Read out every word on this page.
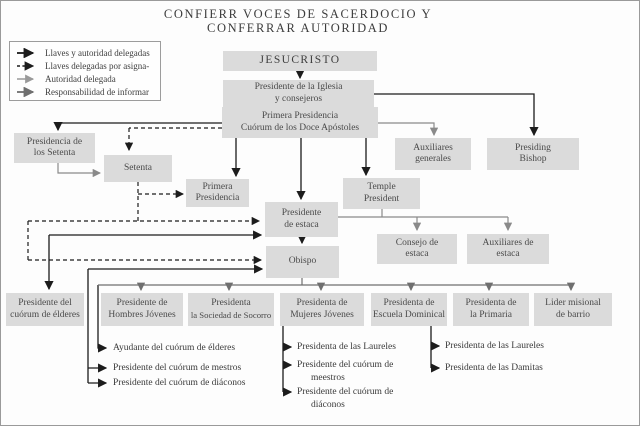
CONFIERR VOCES DE SACERDOCIO Y
CONFERRAR AUTORIDAD
Llaves y autoridad delegadas
Llaves delegadas por asigna-
Autoridad delegada
Responsabilidad de informar
JESUCRISTO
Presidente de la Iglesia
y consejeros
Primera Presidencia
Cuórum de los Doce Apóstoles
Presidencia de
los Setenta
Setenta
Primera
Presidencia
Presidente
de estaca
Obispo
Auxiliares
generales
Presiding
Bishop
Temple
President
Consejo de
estaca
Auxiliares de
estaca
Presidente del
cuórum de élderes
Presidente de
Hombres Jóvenes
Presidenta
la Sociedad de Socorro
Presidenta de
Mujeres Jóvenes
Presidenta de
Escuela Dominical
Presidenta de
la Primaria
Lider misional
de barrio
Ayudante del cuórum de élderes
Presidente del cuórum de mestros
Presidente del cuórum de diáconos
Presidenta de las Laureles
Presidente del cuórum de
meestros
Presidente del cuórum de
diáconos
Presidenta de las Laureles
Presidenta de las Damitas
